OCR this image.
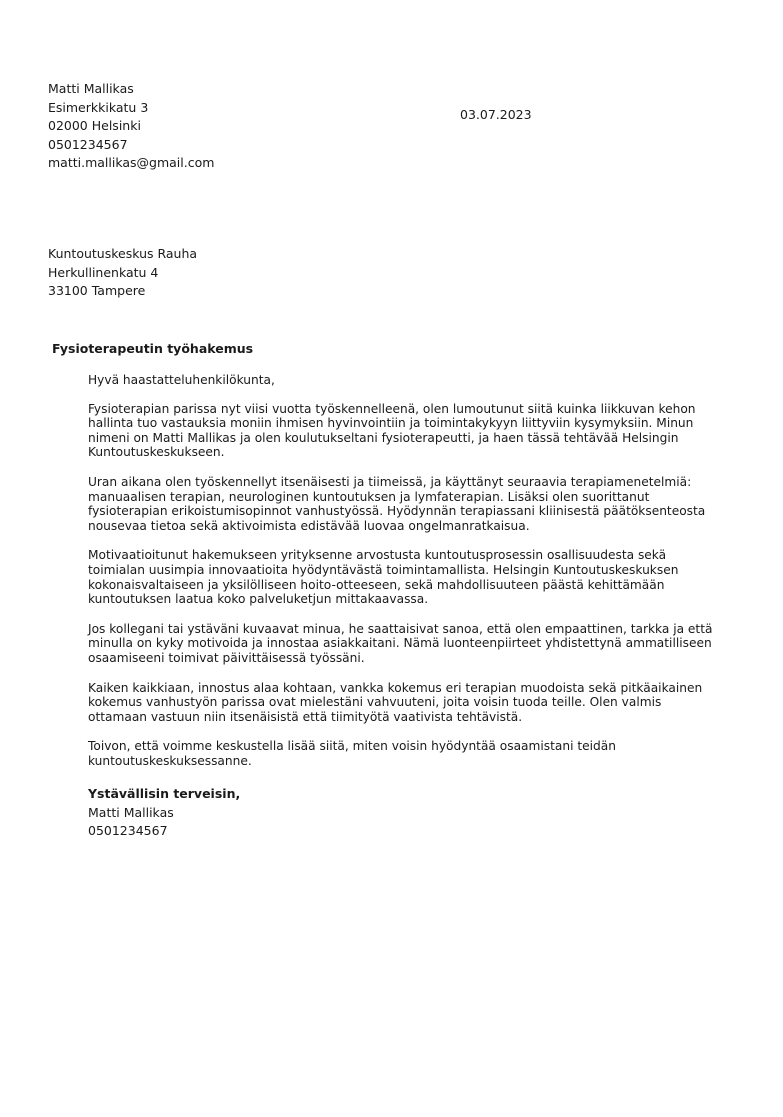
Matti Mallikas
Esimerkkikatu 3
02000 Helsinki
0501234567
matti.mallikas@gmail.com
03.07.2023
Kuntoutuskeskus Rauha
Herkullinenkatu 4
33100 Tampere
Fysioterapeutin työhakemus

Hyvä haastatteluhenkilökunta,

Fysioterapian parissa nyt viisi vuotta työskennelleenä, olen lumoutunut siitä kuinka liikkuvan kehon hallinta tuo vastauksia moniin ihmisen hyvinvointiin ja toimintakykyyn liittyviin kysymyksiin. Minun nimeni on Matti Mallikas ja olen koulutukseltani fysioterapeutti, ja haen tässä tehtävää Helsingin Kuntoutuskeskukseen.

Uran aikana olen työskennellyt itsenäisesti ja tiimeissä, ja käyttänyt seuraavia terapiamenetelmiä: manuaalisen terapian, neurologinen kuntoutuksen ja lymfaterapian. Lisäksi olen suorittanut fysioterapian erikoistumisopinnot vanhustyössä. Hyödynnän terapiassani kliinisestä päätöksenteosta nousevaa tietoa sekä aktivoimista edistävää luovaa ongelmanratkaisua.

Motivaatioitunut hakemukseen yrityksenne arvostusta kuntoutusprosessin osallisuudesta sekä toimialan uusimpia innovaatioita hyödyntävästä toimintamallista. Helsingin Kuntoutuskeskuksen kokonaisvaltaiseen ja yksilölliseen hoito-otteeseen, sekä mahdollisuuteen päästä kehittämään kuntoutuksen laatua koko palveluketjun mittakaavassa.

Jos kollegani tai ystäväni kuvaavat minua, he saattaisivat sanoa, että olen empaattinen, tarkka ja että minulla on kyky motivoida ja innostaa asiakkaitani. Nämä luonteenpiirteet yhdistettynä ammatilliseen osaamiseeni toimivat päivittäisessä työssäni.

Kaiken kaikkiaan, innostus alaa kohtaan, vankka kokemus eri terapian muodoista sekä pitkäaikainen kokemus vanhustyön parissa ovat mielestäni vahvuuteni, joita voisin tuoda teille. Olen valmis ottamaan vastuun niin itsenäisistä että tiimityötä vaativista tehtävistä.

Toivon, että voimme keskustella lisää siitä, miten voisin hyödyntää osaamistani teidän kuntoutuskeskuksessanne.

Ystävällisin terveisin,
Matti Mallikas
0501234567
